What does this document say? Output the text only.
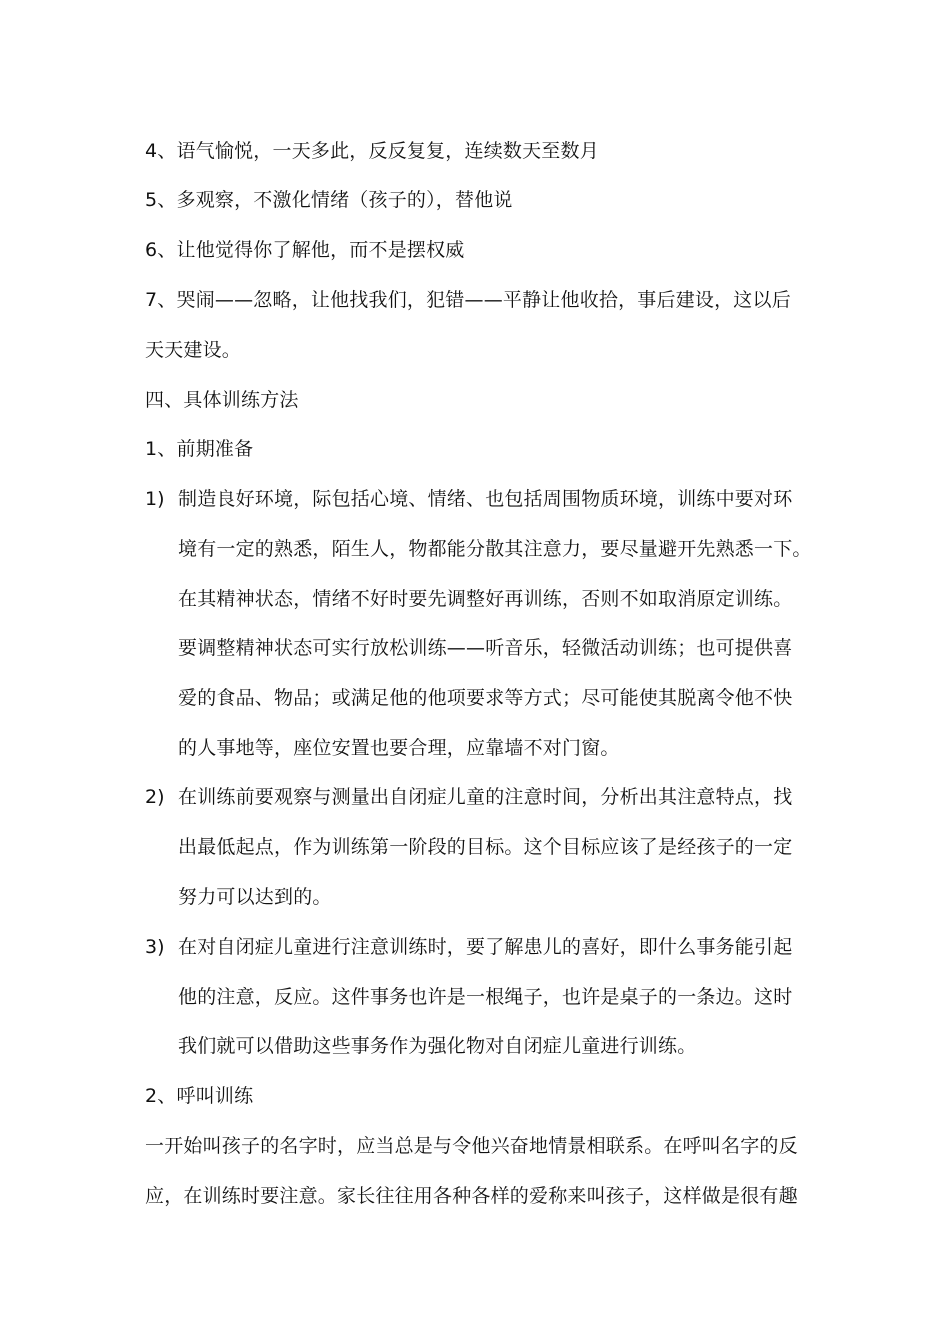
4、语气愉悦，一天多此，反反复复，连续数天至数月
5、多观察，不激化情绪（孩子的），替他说
6、让他觉得你了解他，而不是摆权威
7、哭闹——忽略，让他找我们，犯错——平静让他收拾，事后建设，这以后
天天建设。
四、具体训练方法
1、前期准备
1) 制造良好环境，际包括心境、情绪、也包括周围物质环境，训练中要对环
境有一定的熟悉，陌生人，物都能分散其注意力，要尽量避开先熟悉一下。
在其精神状态，情绪不好时要先调整好再训练，否则不如取消原定训练。
要调整精神状态可实行放松训练——听音乐，轻微活动训练；也可提供喜
爱的食品、物品；或满足他的他项要求等方式；尽可能使其脱离令他不快
的人事地等，座位安置也要合理，应靠墙不对门窗。
2) 在训练前要观察与测量出自闭症儿童的注意时间，分析出其注意特点，找
出最低起点，作为训练第一阶段的目标。这个目标应该了是经孩子的一定
努力可以达到的。
3) 在对自闭症儿童进行注意训练时，要了解患儿的喜好，即什么事务能引起
他的注意，反应。这件事务也许是一根绳子，也许是桌子的一条边。这时
我们就可以借助这些事务作为强化物对自闭症儿童进行训练。
2、呼叫训练
一开始叫孩子的名字时，应当总是与令他兴奋地情景相联系。在呼叫名字的反
应，在训练时要注意。家长往往用各种各样的爱称来叫孩子，这样做是很有趣
